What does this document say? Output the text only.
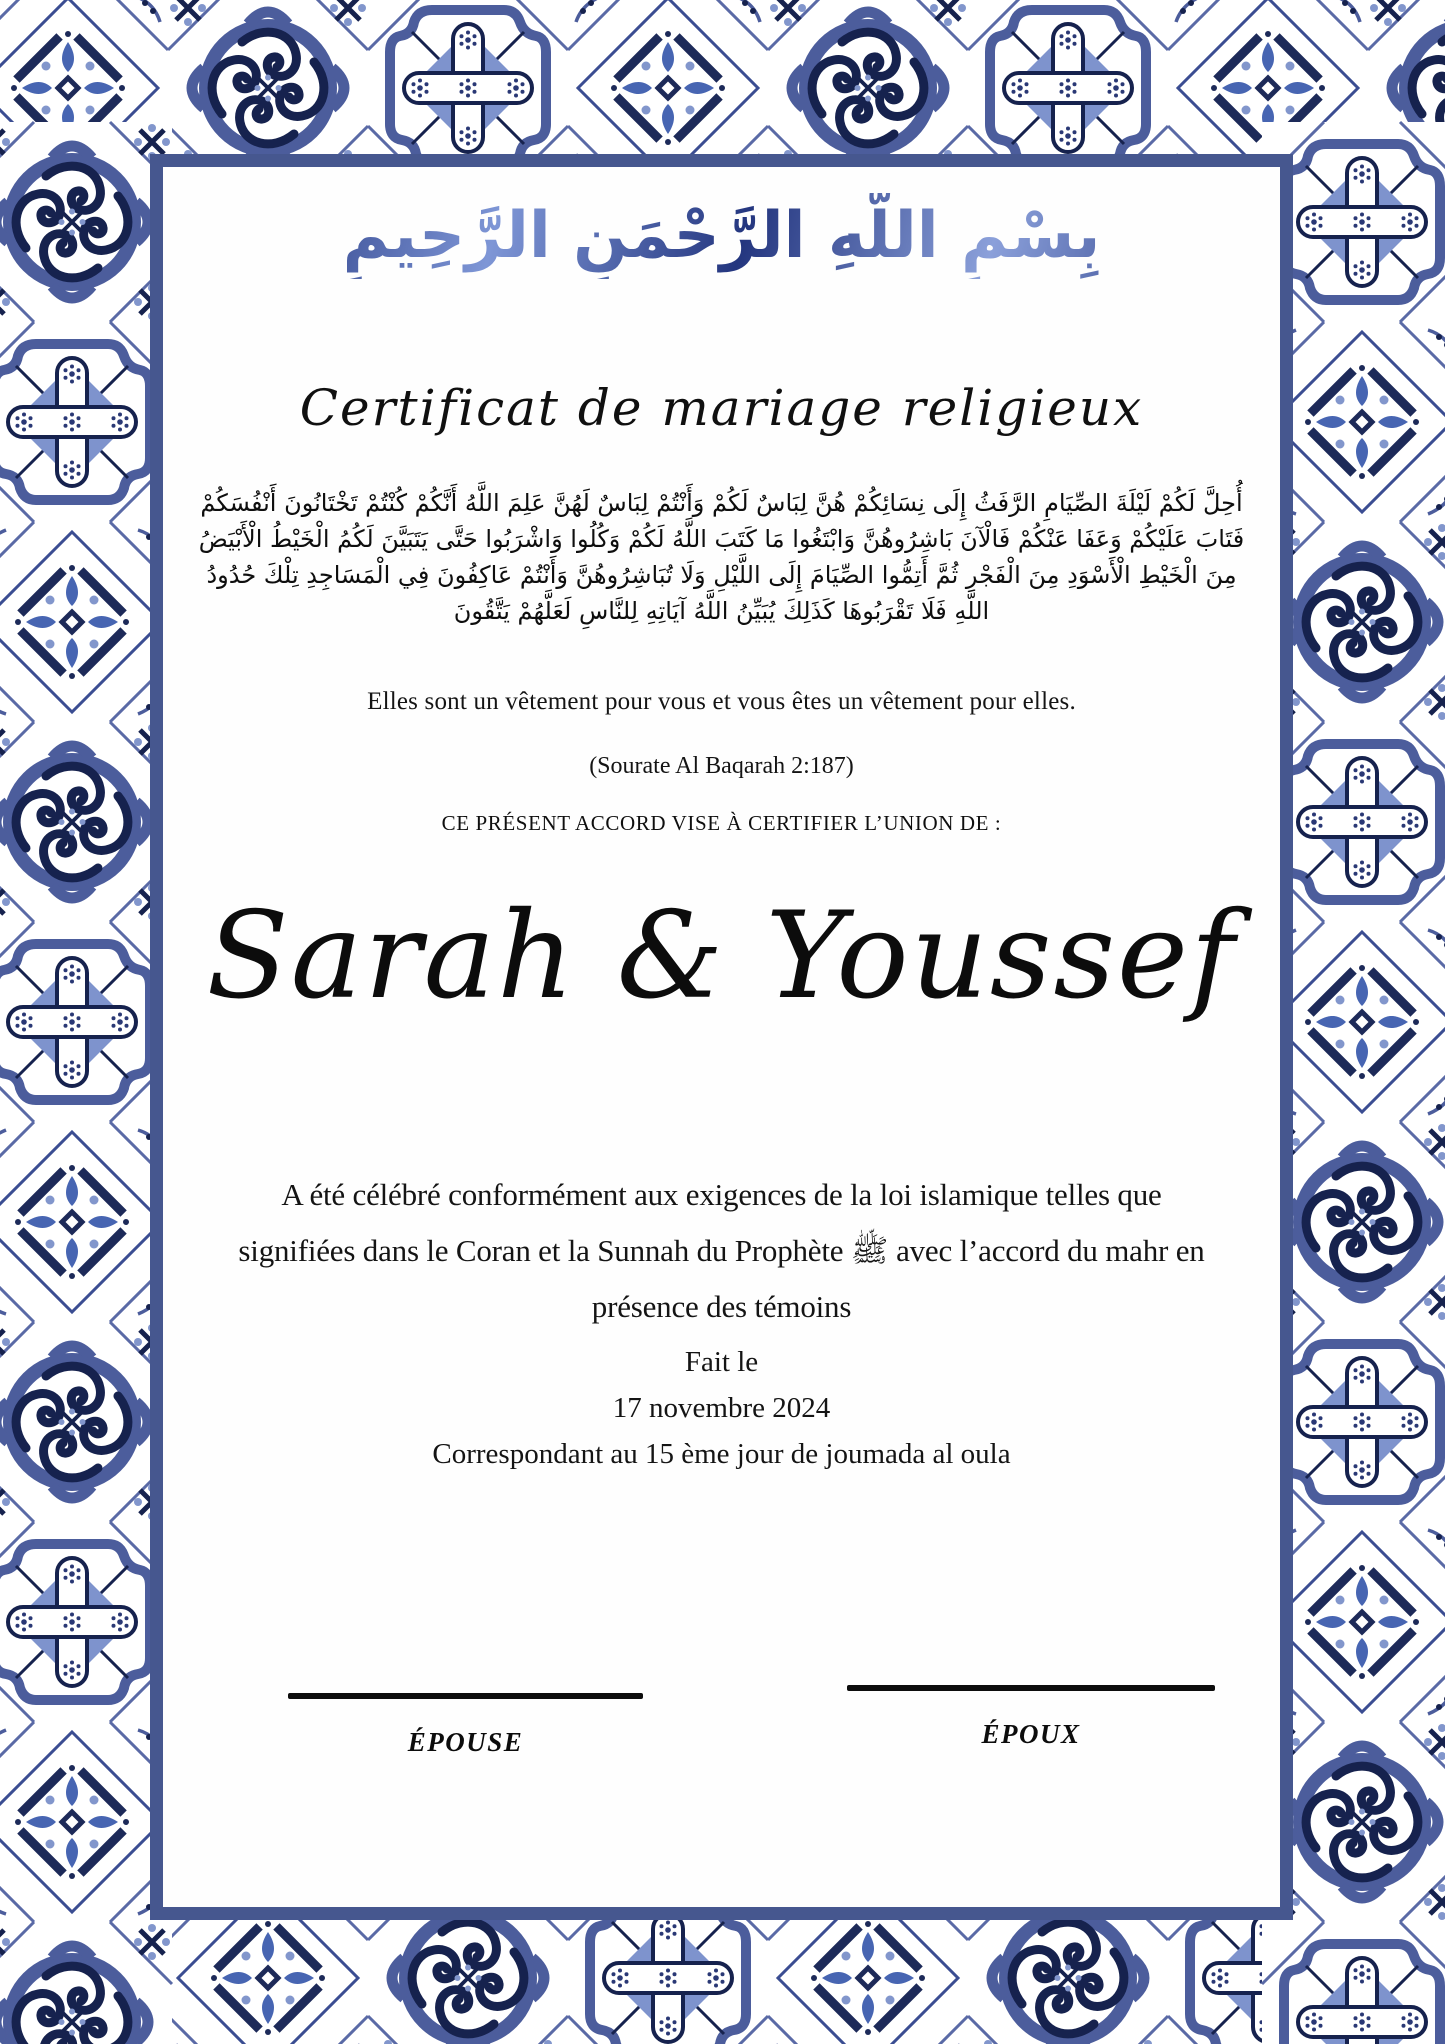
بِسْمِ اللَّهِ الرَّحْمَنِ الرَّحِيمِ
Certificat de mariage religieux

أُحِلَّ لَكُمْ لَيْلَةَ الصِّيَامِ الرَّفَثُ إِلَى نِسَائِكُمْ هُنَّ لِبَاسٌ لَكُمْ وَأَنْتُمْ لِبَاسٌ لَهُنَّ عَلِمَ اللَّهُ أَنَّكُمْ كُنْتُمْ تَخْتَانُونَ أَنْفُسَكُمْ فَتَابَ عَلَيْكُمْ وَعَفَا عَنْكُمْ فَالْآنَ بَاشِرُوهُنَّ وَابْتَغُوا مَا كَتَبَ اللَّهُ لَكُمْ وَكُلُوا وَاشْرَبُوا حَتَّى يَتَبَيَّنَ لَكُمُ الْخَيْطُ الْأَبْيَضُ مِنَ الْخَيْطِ الْأَسْوَدِ مِنَ الْفَجْرِ ثُمَّ أَتِمُّوا الصِّيَامَ إِلَى اللَّيْلِ وَلَا تُبَاشِرُوهُنَّ وَأَنْتُمْ عَاكِفُونَ فِي الْمَسَاجِدِ تِلْكَ حُدُودُ اللَّهِ فَلَا تَقْرَبُوهَا كَذَلِكَ يُبَيِّنُ اللَّهُ آيَاتِهِ لِلنَّاسِ لَعَلَّهُمْ يَتَّقُونَ

Elles sont un vêtement pour vous et vous êtes un vêtement pour elles.

(Sourate Al Baqarah 2:187)

CE PRÉSENT ACCORD VISE À CERTIFIER L’UNION DE :

Sarah & Youssef

A été célébré conformément aux exigences de la loi islamique telles que signifiées dans le Coran et la Sunnah du Prophète ﷺ avec l’accord du mahr en présence des témoins

Fait le

17 novembre 2024

Correspondant au 15 ème jour de joumada al oula

ÉPOUSE	ÉPOUX
